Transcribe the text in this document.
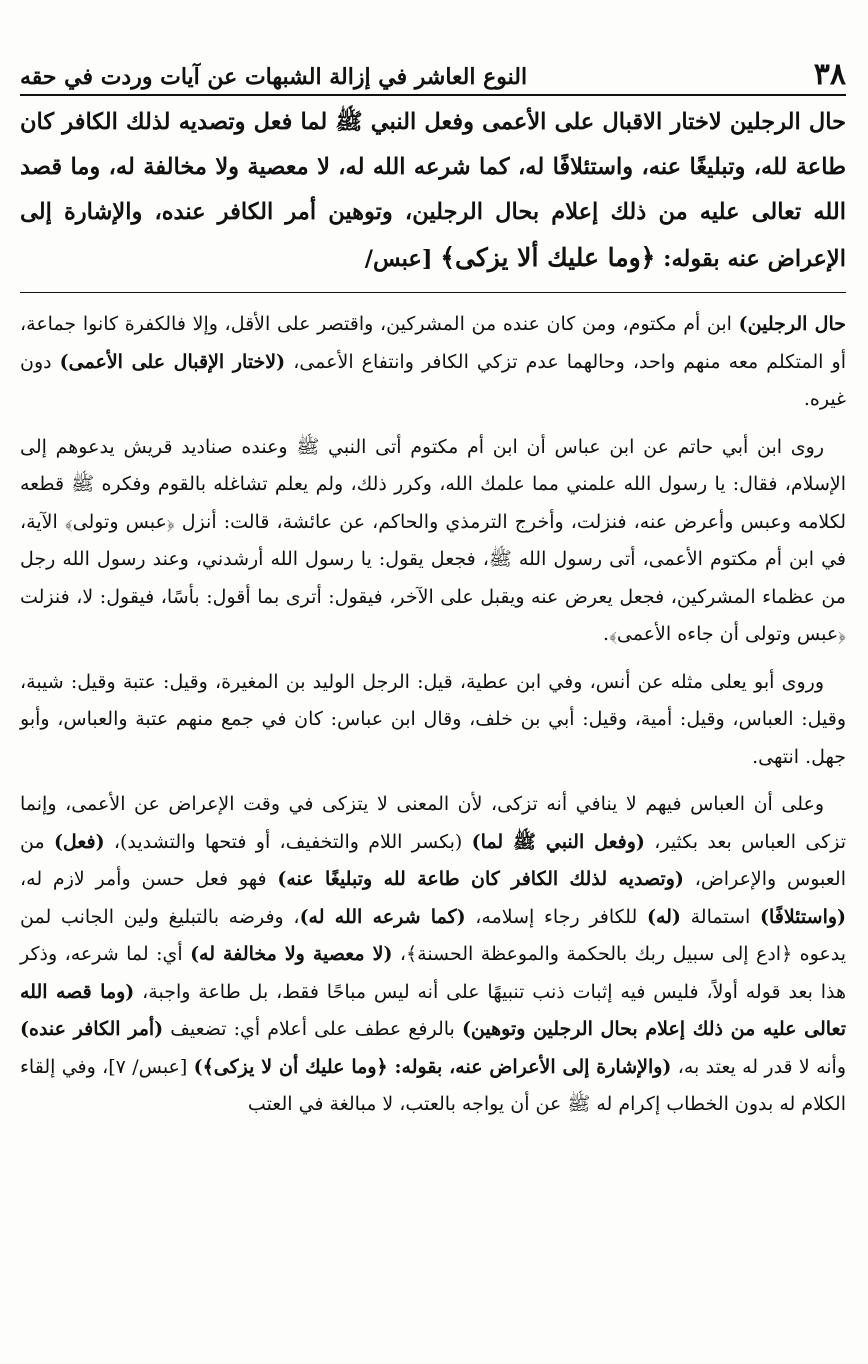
٣٨
النوع العاشر في إزالة الشبهات عن آيات وردت في حقه
حال الرجلين لاختار الاقبال على الأعمى وفعل النبي ﷺ لما فعل وتصديه لذلك الكافر كان طاعة لله، وتبليغًا عنه، واستئلافًا له، كما شرعه الله له، لا معصية ولا مخالفة له، وما قصد الله تعالى عليه من ذلك إعلام بحال الرجلين، وتوهين أمر الكافر عنده، والإشارة إلى الإعراض عنه بقوله: ﴿وما عليك ألا يزكى﴾ [عبس/

حال الرجلين) ابن أم مكتوم، ومن كان عنده من المشركين، واقتصر على الأقل، وإلا فالكفرة كانوا جماعة، أو المتكلم معه منهم واحد، وحالهما عدم تزكي الكافر وانتفاع الأعمى، (لاختار الإقبال على الأعمى) دون غيره.

روى ابن أبي حاتم عن ابن عباس أن ابن أم مكتوم أتى النبي ﷺ وعنده صناديد قريش يدعوهم إلى الإسلام، فقال: يا رسول الله علمني مما علمك الله، وكرر ذلك، ولم يعلم تشاغله بالقوم وفكره ﷺ قطعه لكلامه وعبس وأعرض عنه، فنزلت، وأخرج الترمذي والحاكم، عن عائشة، قالت: أنزل ﴿عبس وتولى﴾ الآية، في ابن أم مكتوم الأعمى، أتى رسول الله ﷺ، فجعل يقول: يا رسول الله أرشدني، وعند رسول الله رجل من عظماء المشركين، فجعل يعرض عنه ويقبل على الآخر، فيقول: أترى بما أقول: بأسًا، فيقول: لا، فنزلت ﴿عبس وتولى أن جاءه الأعمى﴾.

وروى أبو يعلى مثله عن أنس، وفي ابن عطية، قيل: الرجل الوليد بن المغيرة، وقيل: عتبة وقيل: شيبة، وقيل: العباس، وقيل: أمية، وقيل: أبي بن خلف، وقال ابن عباس: كان في جمع منهم عتبة والعباس، وأبو جهل. انتهى.

وعلى أن العباس فيهم لا ينافي أنه تزكى، لأن المعنى لا يتزكى في وقت الإعراض عن الأعمى، وإنما تزكى العباس بعد بكثير، (وفعل النبي ﷺ لما) (بكسر اللام والتخفيف، أو فتحها والتشديد)، (فعل) من العبوس والإعراض، (وتصديه لذلك الكافر كان طاعة لله وتبليغًا عنه) فهو فعل حسن وأمر لازم له، (واستئلافًا) استمالة (له) للكافر رجاء إسلامه، (كما شرعه الله له)، وفرضه بالتبليغ ولين الجانب لمن يدعوه ﴿ادع إلى سبيل ربك بالحكمة والموعظة الحسنة﴾، (لا معصية ولا مخالفة له) أي: لما شرعه، وذكر هذا بعد قوله أولاً، فليس فيه إثبات ذنب تنبيهًا على أنه ليس مباحًا فقط، بل طاعة واجبة، (وما قصه الله تعالى عليه من ذلك إعلام بحال الرجلين وتوهين) بالرفع عطف على أعلام أي: تضعيف (أمر الكافر عنده) وأنه لا قدر له يعتد به، (والإشارة إلى الأعراض عنه، بقوله: ﴿وما عليك أن لا يزكى﴾) [عبس/ ٧]، وفي إلقاء الكلام له بدون الخطاب إكرام له ﷺ عن أن يواجه بالعتب، لا مبالغة في العتب
